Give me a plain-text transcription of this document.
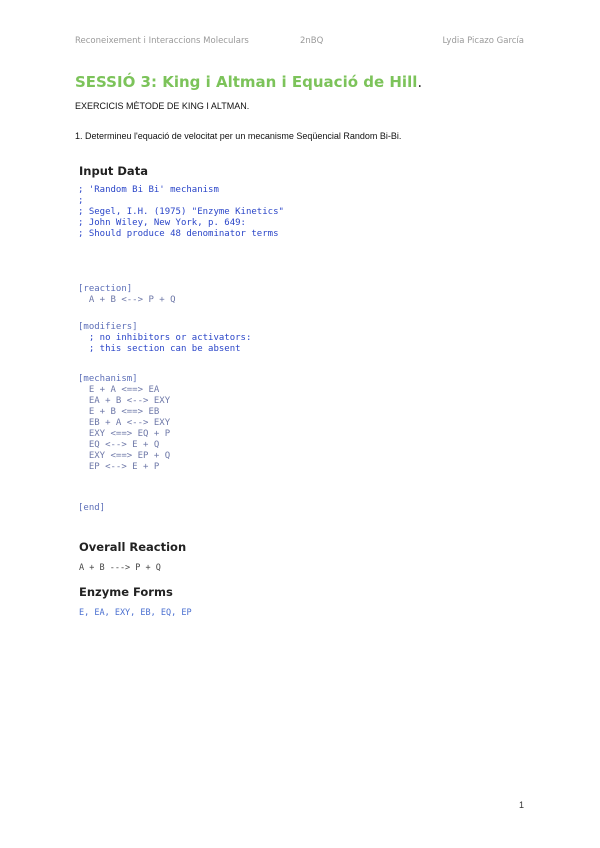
Reconeixement i Interaccions Moleculars	2nBQ	Lydia Picazo García
SESSIÓ 3: King i Altman i Equació de Hill.
EXERCICIS MÈTODE DE KING I ALTMAN.
1. Determineu l'equació de velocitat per un mecanisme Seqüencial Random Bi-Bi.
Input Data
; 'Random Bi Bi' mechanism
;
; Segel, I.H. (1975) "Enzyme Kinetics"
; John Wiley, New York, p. 649:
; Should produce 48 denominator terms
[reaction]
A + B <--> P + Q
[modifiers]
; no inhibitors or activators:
; this section can be absent
[mechanism]
E + A <==> EA
EA + B <--> EXY
E + B <==> EB
EB + A <--> EXY
EXY <==> EQ + P
EQ <--> E + Q
EXY <==> EP + Q
EP <--> E + P
[end]
Overall Reaction
A + B ---> P + Q
Enzyme Forms
E, EA, EXY, EB, EQ, EP
1
